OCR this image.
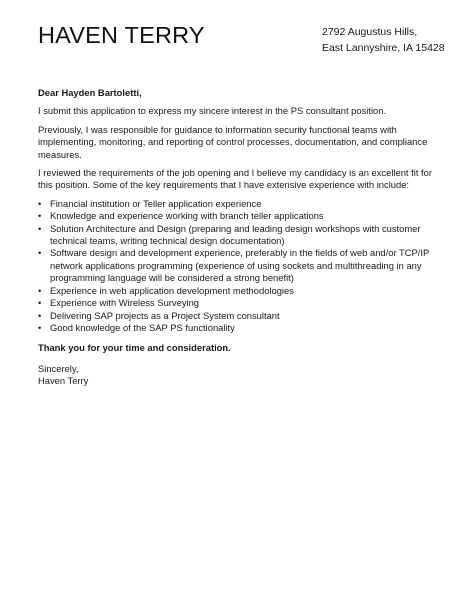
HAVEN TERRY	2792 Augustus Hills,
East Lannyshire, IA 15428
Dear Hayden Bartoletti,

I submit this application to express my sincere interest in the PS consultant position.

Previously, I was responsible for guidance to information security functional teams with implementing, monitoring, and reporting of control processes, documentation, and compliance measures.

I reviewed the requirements of the job opening and I believe my candidacy is an excellent fit for this position. Some of the key requirements that I have extensive experience with include:

• Financial institution or Teller application experience
• Knowledge and experience working with branch teller applications
• Solution Architecture and Design (preparing and leading design workshops with customer technical teams, writing technical design documentation)
• Software design and development experience, preferably in the fields of web and/or TCP/IP network applications programming (experience of using sockets and multithreading in any programming language will be considered a strong benefit)
• Experience in web application development methodologies
• Experience with Wireless Surveying
• Delivering SAP projects as a Project System consultant
• Good knowledge of the SAP PS functionality
Thank you for your time and consideration.
Sincerely,
Haven Terry
